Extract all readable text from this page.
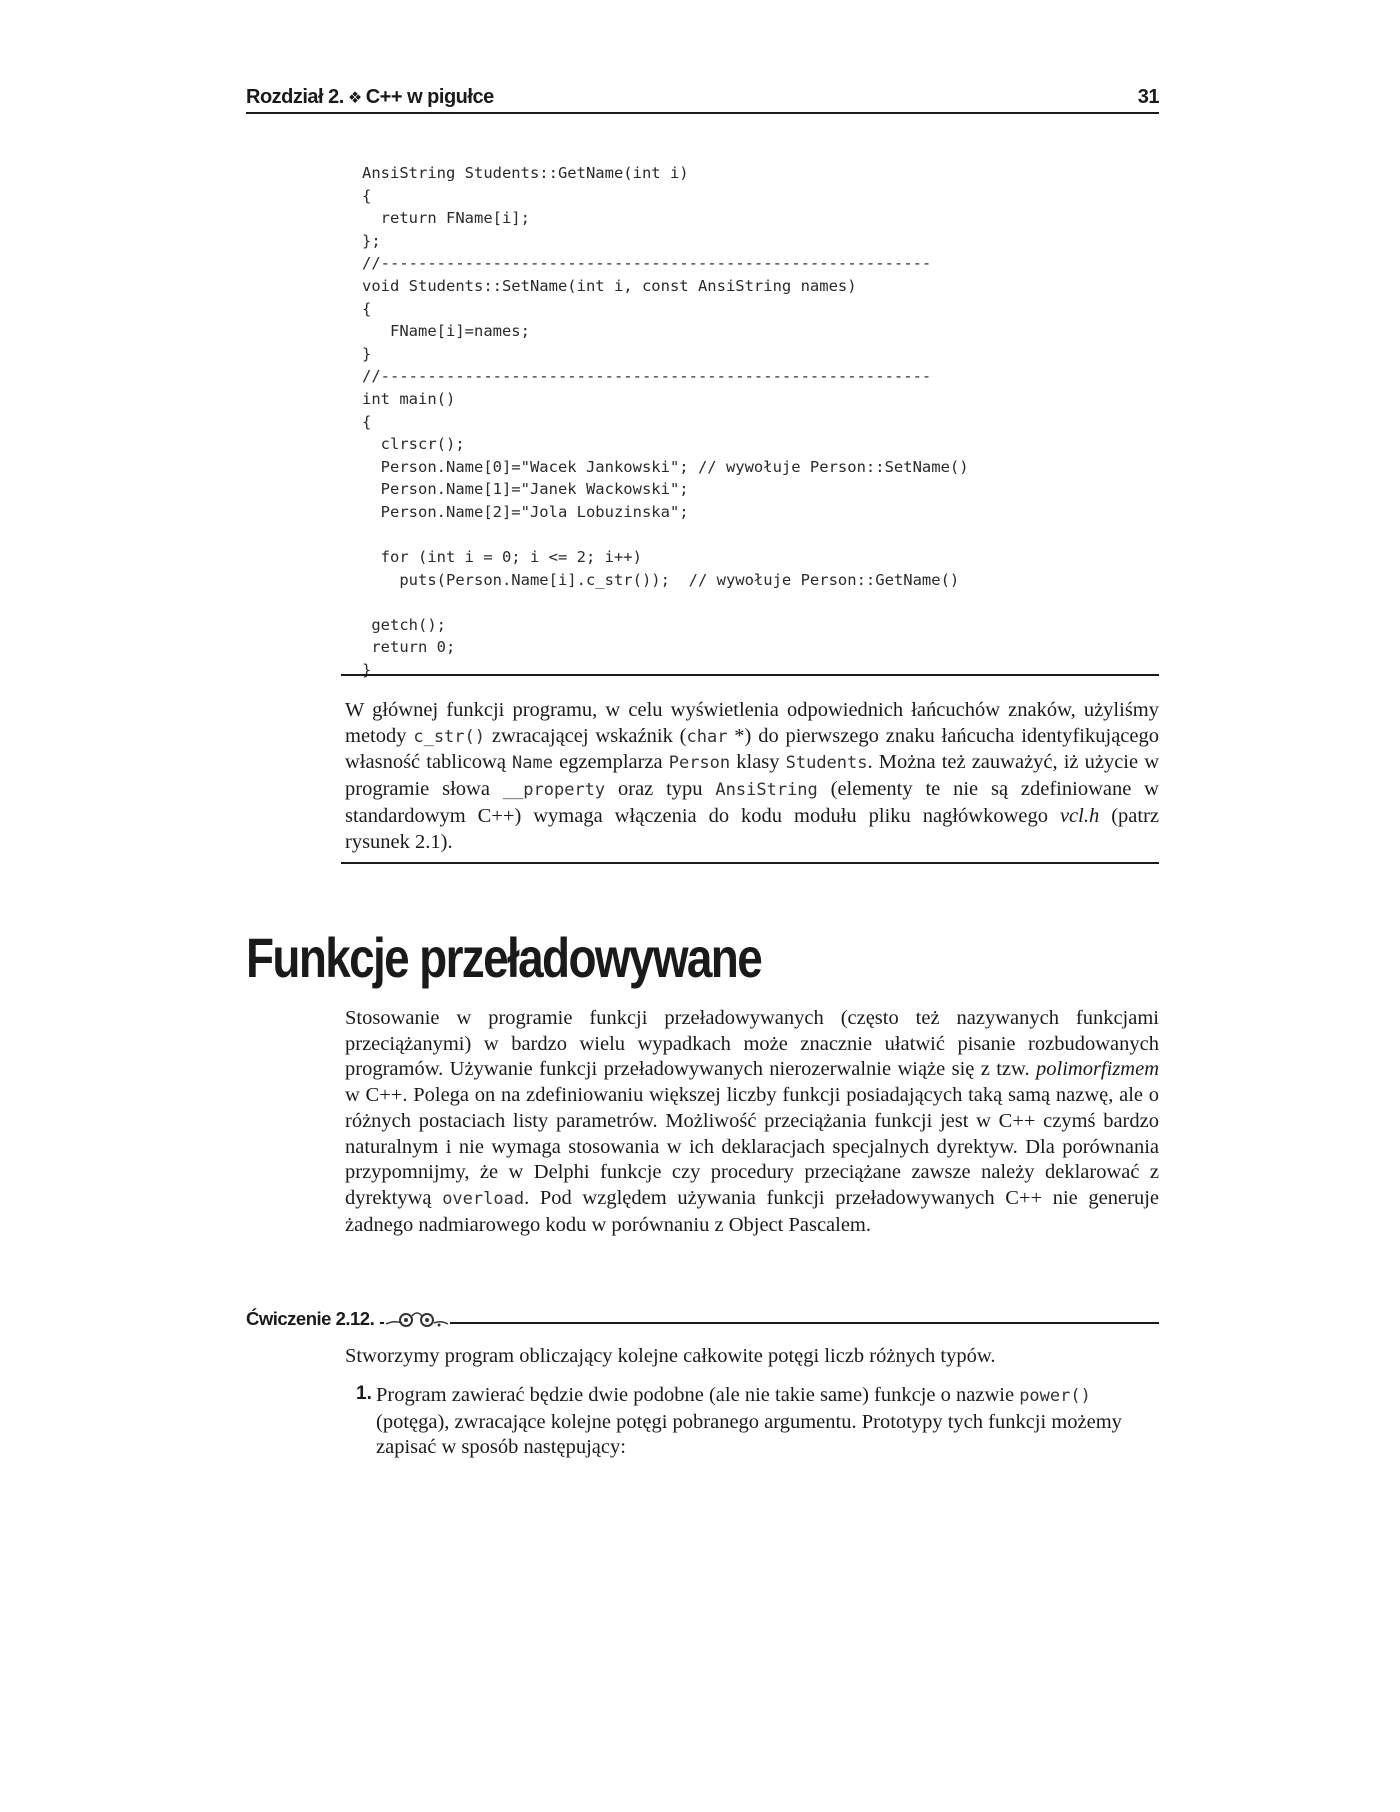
Rozdział 2. ❖ C++ w pigułce	31
AnsiString Students::GetName(int i)
{
return FName[i];
};
//-----------------------------------------------------------
void Students::SetName(int i, const AnsiString names)
{
FName[i]=names;
}
//-----------------------------------------------------------
int main()
{
clrscr();
Person.Name[0]="Wacek Jankowski"; // wywołuje Person::SetName()
Person.Name[1]="Janek Wackowski";
Person.Name[2]="Jola Lobuzinska";

for (int i = 0; i <= 2; i++)
puts(Person.Name[i].c_str());  // wywołuje Person::GetName()

getch();
return 0;
}

W głównej funkcji programu, w celu wyświetlenia odpowiednich łańcuchów znaków, użyliśmy metody c_str() zwracającej wskaźnik (char *) do pierwszego znaku łańcucha identyfikującego własność tablicową Name egzemplarza Person klasy Students. Można też zauważyć, iż użycie w programie słowa __property oraz typu AnsiString (elementy te nie są zdefiniowane w standardowym C++) wymaga włączenia do kodu modułu pliku nagłówkowego vcl.h (patrz rysunek 2.1).

Funkcje przeładowywane

Stosowanie w programie funkcji przeładowywanych (często też nazywanych funkcjami przeciążanymi) w bardzo wielu wypadkach może znacznie ułatwić pisanie rozbudowanych programów. Używanie funkcji przeładowywanych nierozerwalnie wiąże się z tzw. polimorfizmem w C++. Polega on na zdefiniowaniu większej liczby funkcji posiadających taką samą nazwę, ale o różnych postaciach listy parametrów. Możliwość przeciążania funkcji jest w C++ czymś bardzo naturalnym i nie wymaga stosowania w ich deklaracjach specjalnych dyrektyw. Dla porównania przypomnijmy, że w Delphi funkcje czy procedury przeciążane zawsze należy deklarować z dyrektywą overload. Pod względem używania funkcji przeładowywanych C++ nie generuje żadnego nadmiarowego kodu w porównaniu z Object Pascalem.

Ćwiczenie 2.12.

Stworzymy program obliczający kolejne całkowite potęgi liczb różnych typów.

1. Program zawierać będzie dwie podobne (ale nie takie same) funkcje o nazwie power() (potęga), zwracające kolejne potęgi pobranego argumentu. Prototypy tych funkcji możemy zapisać w sposób następujący:
